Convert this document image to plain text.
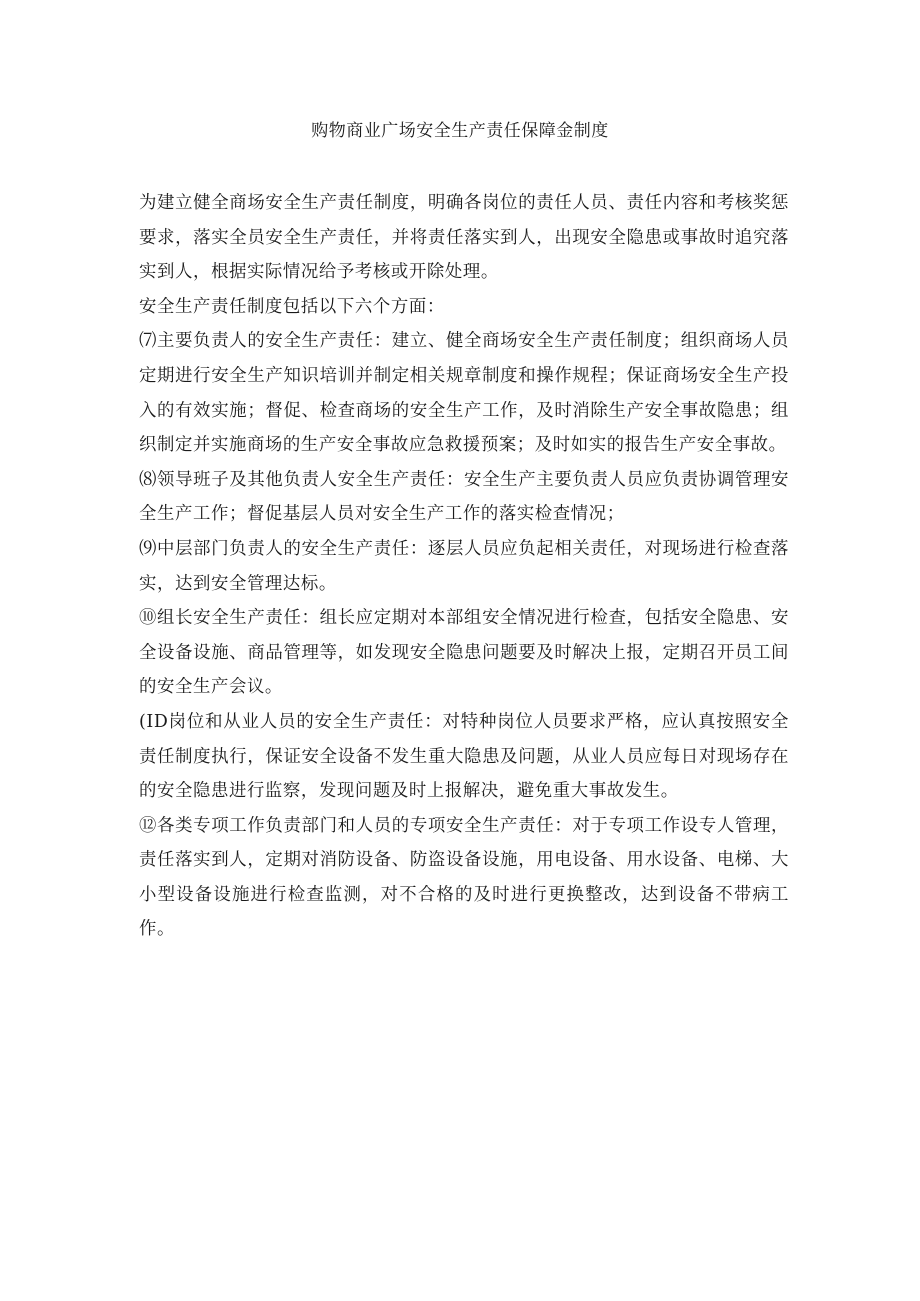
购物商业广场安全生产责任保障金制度

为建立健全商场安全生产责任制度，明确各岗位的责任人员、责任内容和考核奖惩要求，落实全员安全生产责任，并将责任落实到人，出现安全隐患或事故时追究落实到人，根据实际情况给予考核或开除处理。

安全生产责任制度包括以下六个方面：

⑺主要负责人的安全生产责任：建立、健全商场安全生产责任制度；组织商场人员定期进行安全生产知识培训并制定相关规章制度和操作规程；保证商场安全生产投入的有效实施；督促、检查商场的安全生产工作，及时消除生产安全事故隐患；组织制定并实施商场的生产安全事故应急救援预案；及时如实的报告生产安全事故。

⑻领导班子及其他负责人安全生产责任：安全生产主要负责人员应负责协调管理安全生产工作；督促基层人员对安全生产工作的落实检查情况；

⑼中层部门负责人的安全生产责任：逐层人员应负起相关责任，对现场进行检查落实，达到安全管理达标。

⑩组长安全生产责任：组长应定期对本部组安全情况进行检查，包括安全隐患、安全设备设施、商品管理等，如发现安全隐患问题要及时解决上报，定期召开员工间的安全生产会议。

(ID岗位和从业人员的安全生产责任：对特种岗位人员要求严格，应认真按照安全责任制度执行，保证安全设备不发生重大隐患及问题，从业人员应每日对现场存在的安全隐患进行监察，发现问题及时上报解决，避免重大事故发生。

⑫各类专项工作负责部门和人员的专项安全生产责任：对于专项工作设专人管理，责任落实到人，定期对消防设备、防盗设备设施，用电设备、用水设备、电梯、大小型设备设施进行检查监测，对不合格的及时进行更换整改，达到设备不带病工作。
